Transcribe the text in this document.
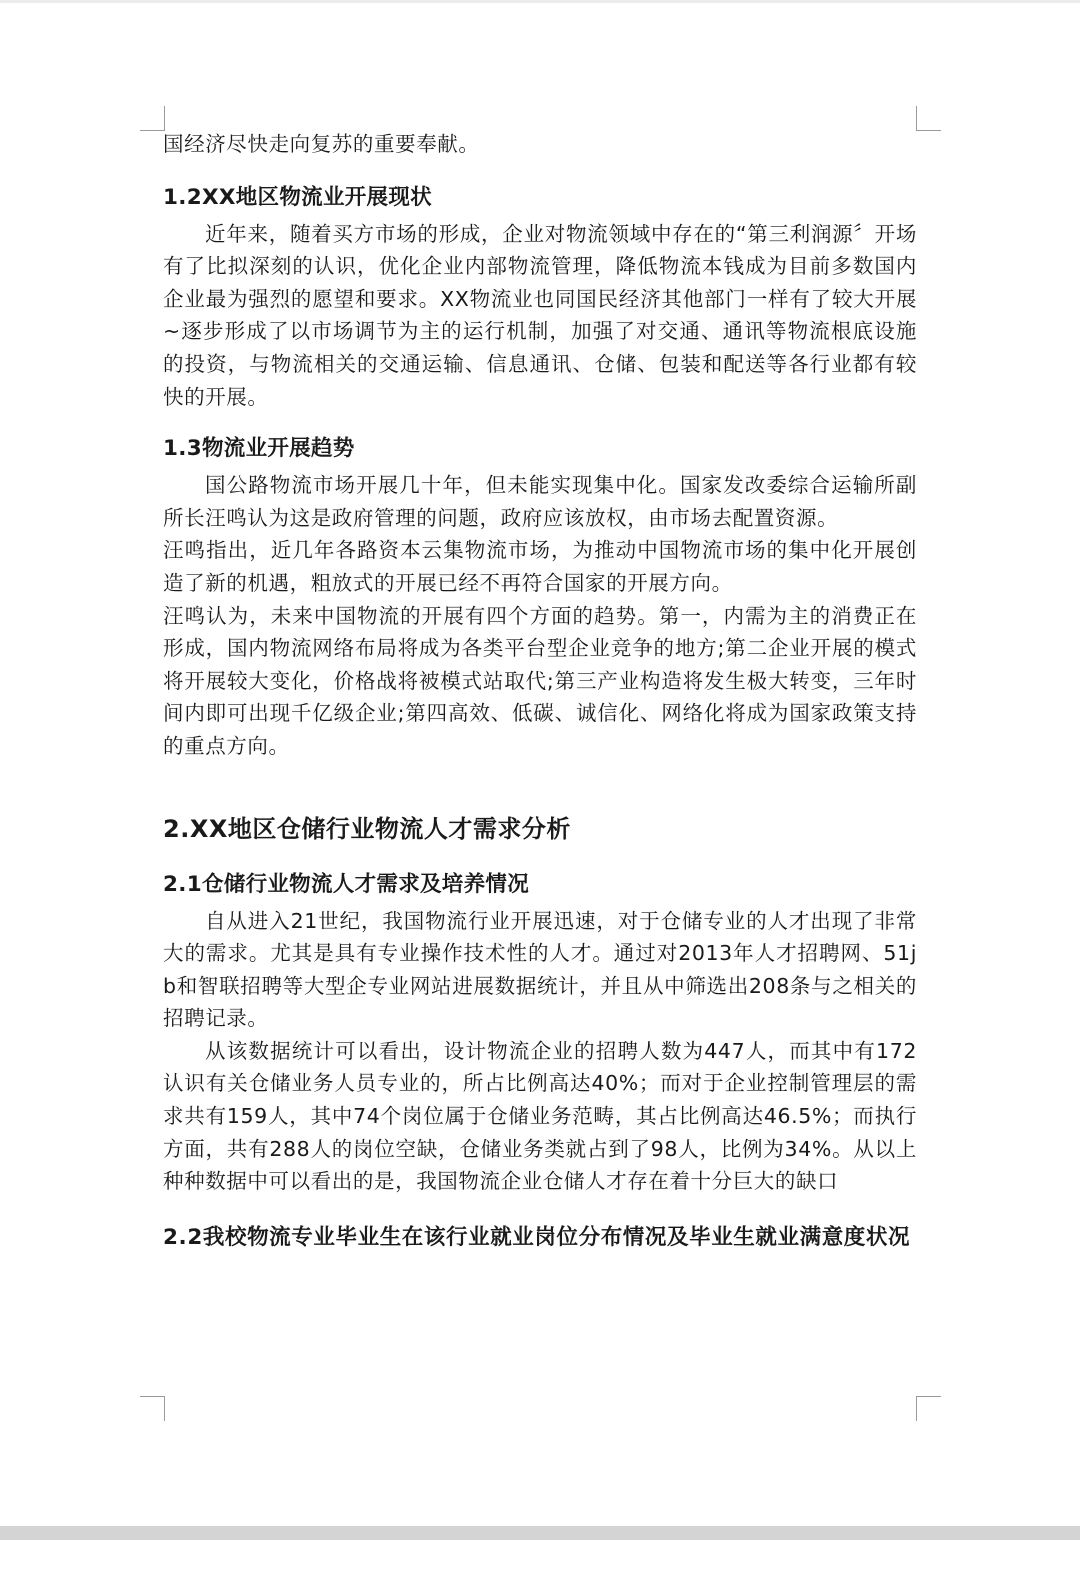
国经济尽快走向复苏的重要奉献。

1.2XX地区物流业开展现状

近年来，随着买方市场的形成，企业对物流领域中存在的“第三利润源〞开场有了比拟深刻的认识，优化企业内部物流管理，降低物流本钱成为目前多数国内企业最为强烈的愿望和要求。XX物流业也同国民经济其他部门一样有了较大开展~逐步形成了以市场调节为主的运行机制，加强了对交通、通讯等物流根底设施的投资，与物流相关的交通运输、信息通讯、仓储、包装和配送等各行业都有较快的开展。

1.3物流业开展趋势

国公路物流市场开展几十年，但未能实现集中化。国家发改委综合运输所副所长汪鸣认为这是政府管理的问题，政府应该放权，由市场去配置资源。

汪鸣指出，近几年各路资本云集物流市场，为推动中国物流市场的集中化开展创造了新的机遇，粗放式的开展已经不再符合国家的开展方向。

汪鸣认为，未来中国物流的开展有四个方面的趋势。第一，内需为主的消费正在形成，国内物流网络布局将成为各类平台型企业竞争的地方;第二企业开展的模式将开展较大变化，价格战将被模式站取代;第三产业构造将发生极大转变，三年时间内即可出现千亿级企业;第四高效、低碳、诚信化、网络化将成为国家政策支持的重点方向。

2.XX地区仓储行业物流人才需求分析
2.1仓储行业物流人才需求及培养情况

自从进入21世纪，我国物流行业开展迅速，对于仓储专业的人才出现了非常大的需求。尤其是具有专业操作技术性的人才。通过对2013年人才招聘网、51jb和智联招聘等大型企专业网站进展数据统计，并且从中筛选出208条与之相关的招聘记录。

从该数据统计可以看出，设计物流企业的招聘人数为447人，而其中有172认识有关仓储业务人员专业的，所占比例高达40%；而对于企业控制管理层的需求共有159人，其中74个岗位属于仓储业务范畴，其占比例高达46.5%；而执行方面，共有288人的岗位空缺，仓储业务类就占到了98人，比例为34%。从以上种种数据中可以看出的是，我国物流企业仓储人才存在着十分巨大的缺口

2.2我校物流专业毕业生在该行业就业岗位分布情况及毕业生就业满意度状况
